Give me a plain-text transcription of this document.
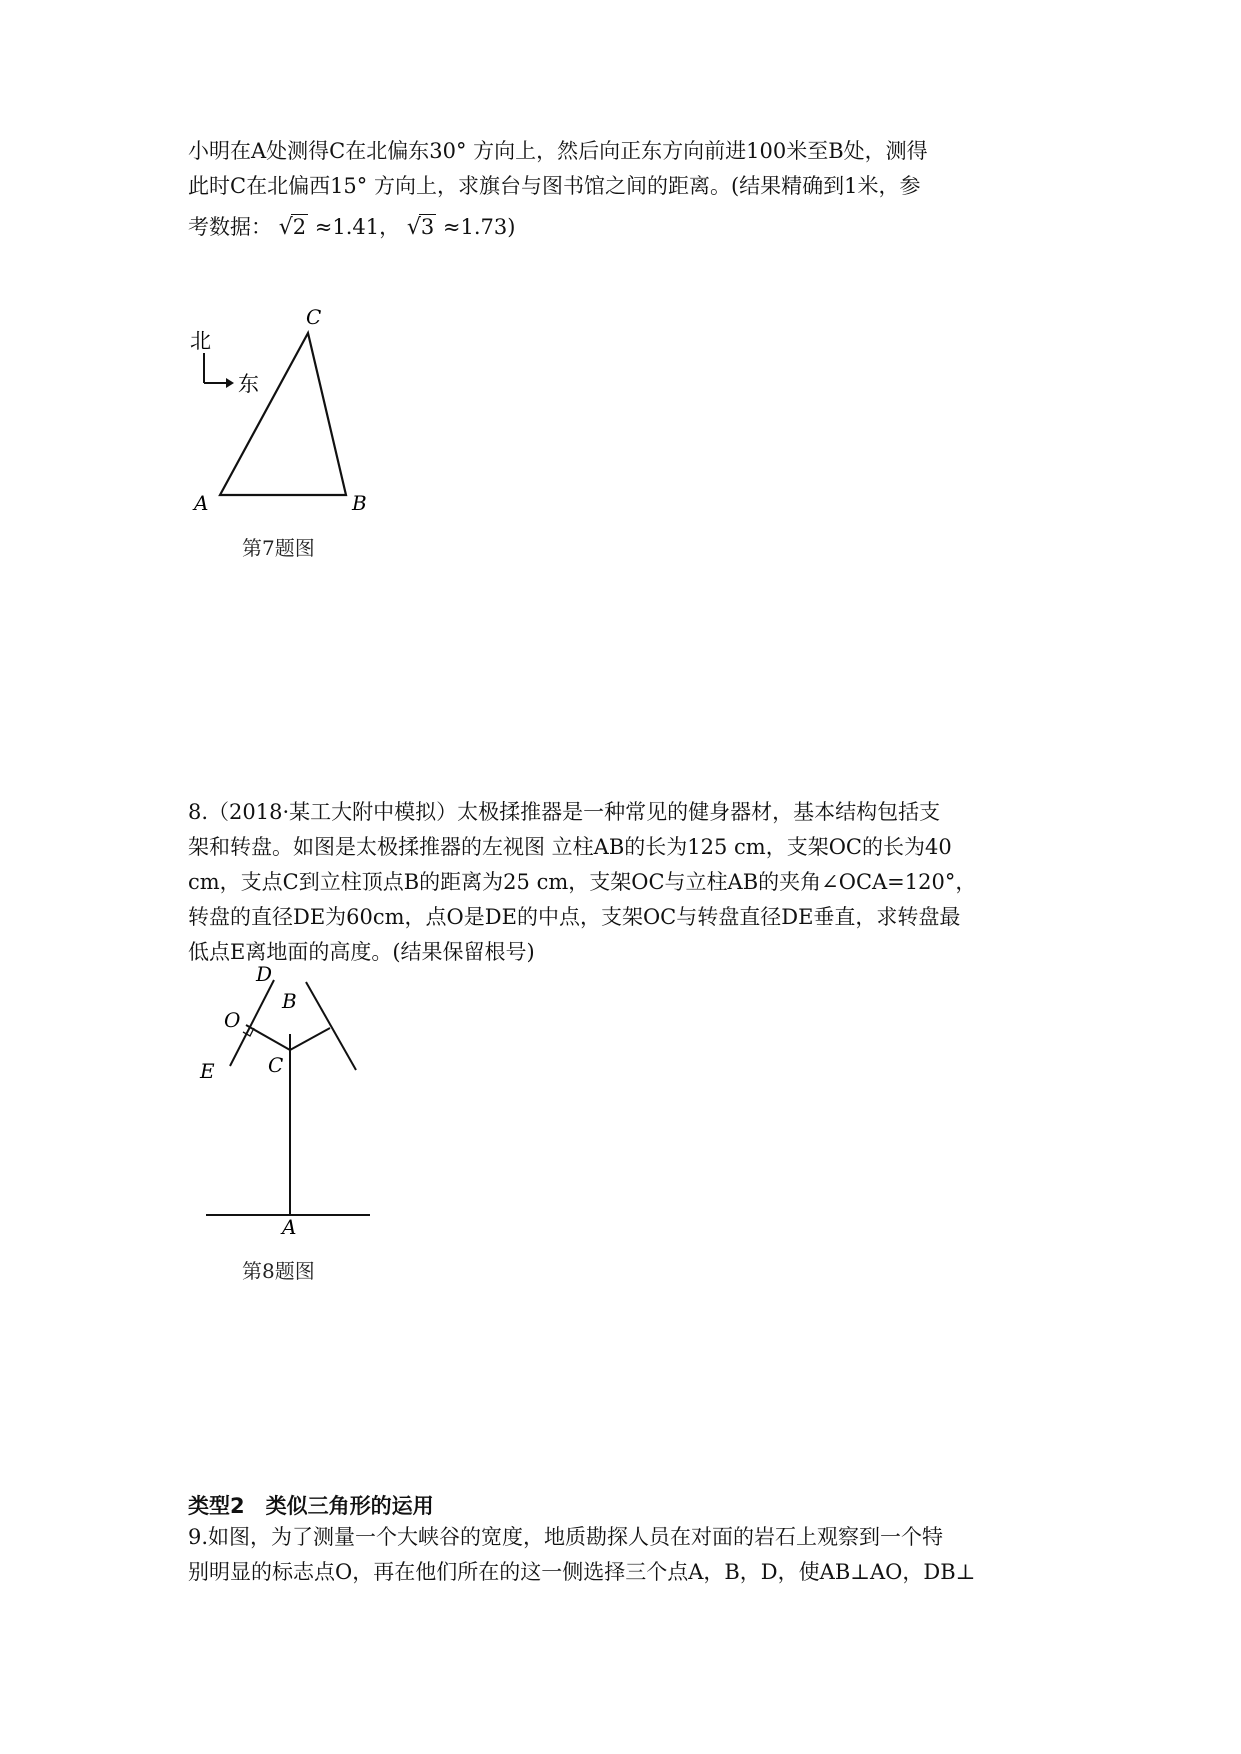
小明在A处测得C在北偏东30° 方向上，然后向正东方向前进100米至B处，测得
此时C在北偏西15° 方向上，求旗台与图书馆之间的距离。(结果精确到1米，参
考数据： √2 ≈1.41， √3 ≈1.73)
北
东
A	B
C
第7题图
8.（2018·某工大附中模拟）太极揉推器是一种常见的健身器材，基本结构包括支
架和转盘。如图是太极揉推器的左视图 立柱AB的长为125 cm，支架OC的长为40
cm，支点C到立柱顶点B的距离为25 cm，支架OC与立柱AB的夹角∠OCA=120°，
转盘的直径DE为60cm，点O是DE的中点，支架OC与转盘直径DE垂直，求转盘最
低点E离地面的高度。(结果保留根号)
D
O
B
E	C
A
第8题图
类型2　类似三角形的运用
9.如图，为了测量一个大峡谷的宽度，地质勘探人员在对面的岩石上观察到一个特
别明显的标志点O，再在他们所在的这一侧选择三个点A，B，D，使AB⊥AO，DB⊥
